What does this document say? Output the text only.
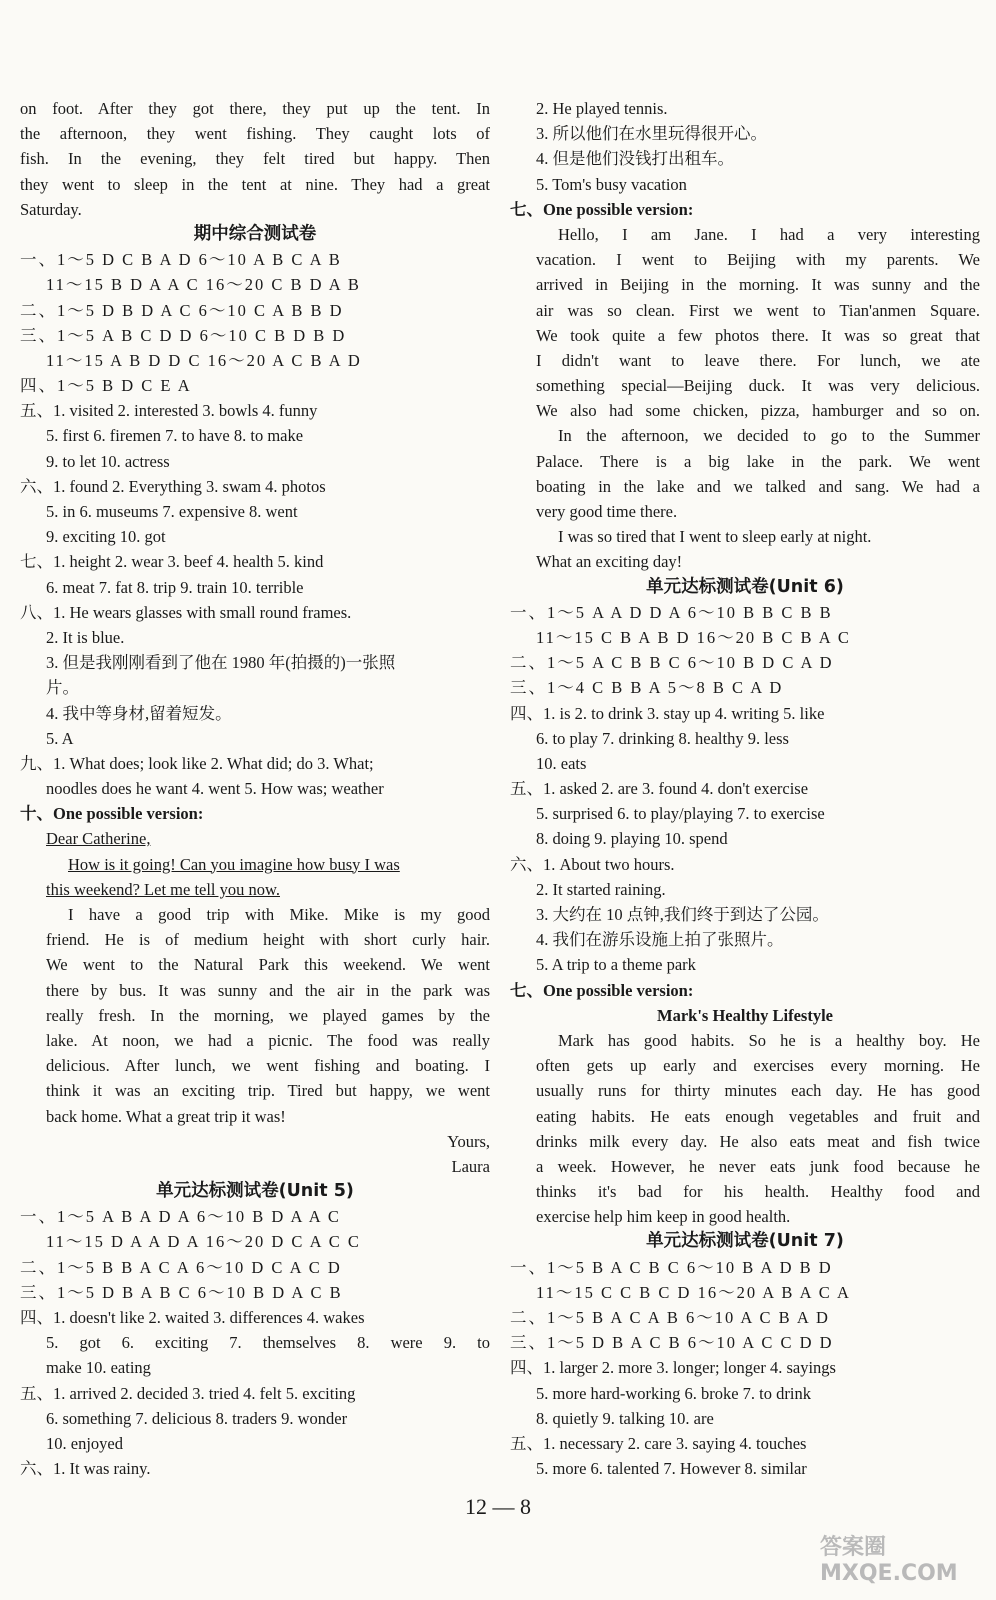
on foot. After they got there, they put up the tent. In
the afternoon, they went fishing. They caught lots of
fish. In the evening, they felt tired but happy. Then
they went to sleep in the tent at nine. They had a great
Saturday.
期中综合测试卷
一、1～5 D C B A D 6～10 A B C A B
11～15 B D A A C 16～20 C B D A B
二、1～5 D B D A C 6～10 C A B B D
三、1～5 A B C D D 6～10 C B D B D
11～15 A B D D C 16～20 A C B A D
四、1～5 B D C E A
五、1. visited 2. interested 3. bowls 4. funny
5. first 6. firemen 7. to have 8. to make
9. to let 10. actress
六、1. found 2. Everything 3. swam 4. photos
5. in 6. museums 7. expensive 8. went
9. exciting 10. got
七、1. height 2. wear 3. beef 4. health 5. kind
6. meat 7. fat 8. trip 9. train 10. terrible
八、1. He wears glasses with small round frames.
2. It is blue.
3. 但是我刚刚看到了他在 1980 年(拍摄的)一张照
片。
4. 我中等身材,留着短发。
5. A
九、1. What does; look like 2. What did; do 3. What;
noodles does he want 4. went 5. How was; weather
十、One possible version:
Dear Catherine,
How is it going! Can you imagine how busy I was
this weekend? Let me tell you now.
I have a good trip with Mike. Mike is my good
friend. He is of medium height with short curly hair.
We went to the Natural Park this weekend. We went
there by bus. It was sunny and the air in the park was
really fresh. In the morning, we played games by the
lake. At noon, we had a picnic. The food was really
delicious. After lunch, we went fishing and boating. I
think it was an exciting trip. Tired but happy, we went
back home. What a great trip it was!
Yours,
Laura
单元达标测试卷(Unit 5)
一、1～5 A B A D A 6～10 B D A A C
11～15 D A A D A 16～20 D C A C C
二、1～5 B B A C A 6～10 D C A C D
三、1～5 D B A B C 6～10 B D A C B
四、1. doesn't like 2. waited 3. differences 4. wakes
5. got 6. exciting 7. themselves 8. were 9. to
make 10. eating
五、1. arrived 2. decided 3. tried 4. felt 5. exciting
6. something 7. delicious 8. traders 9. wonder
10. enjoyed
六、1. It was rainy.
2. He played tennis.
3. 所以他们在水里玩得很开心。
4. 但是他们没钱打出租车。
5. Tom's busy vacation
七、One possible version:
Hello, I am Jane. I had a very interesting
vacation. I went to Beijing with my parents. We
arrived in Beijing in the morning. It was sunny and the
air was so clean. First we went to Tian'anmen Square.
We took quite a few photos there. It was so great that
I didn't want to leave there. For lunch, we ate
something special—Beijing duck. It was very delicious.
We also had some chicken, pizza, hamburger and so on.
In the afternoon, we decided to go to the Summer
Palace. There is a big lake in the park. We went
boating in the lake and we talked and sang. We had a
very good time there.
I was so tired that I went to sleep early at night.
What an exciting day!
单元达标测试卷(Unit 6)
一、1～5 A A D D A 6～10 B B C B B
11～15 C B A B D 16～20 B C B A C
二、1～5 A C B B C 6～10 B D C A D
三、1～4 C B B A 5～8 B C A D
四、1. is 2. to drink 3. stay up 4. writing 5. like
6. to play 7. drinking 8. healthy 9. less
10. eats
五、1. asked 2. are 3. found 4. don't exercise
5. surprised 6. to play/playing 7. to exercise
8. doing 9. playing 10. spend
六、1. About two hours.
2. It started raining.
3. 大约在 10 点钟,我们终于到达了公园。
4. 我们在游乐设施上拍了张照片。
5. A trip to a theme park
七、One possible version:
Mark's Healthy Lifestyle
Mark has good habits. So he is a healthy boy. He
often gets up early and exercises every morning. He
usually runs for thirty minutes each day. He has good
eating habits. He eats enough vegetables and fruit and
drinks milk every day. He also eats meat and fish twice
a week. However, he never eats junk food because he
thinks it's bad for his health. Healthy food and
exercise help him keep in good health.
单元达标测试卷(Unit 7)
一、1～5 B A C B C 6～10 B A D B D
11～15 C C B C D 16～20 A B A C A
二、1～5 B A C A B 6～10 A C B A D
三、1～5 D B A C B 6～10 A C C D D
四、1. larger 2. more 3. longer; longer 4. sayings
5. more hard-working 6. broke 7. to drink
8. quietly 9. talking 10. are
五、1. necessary 2. care 3. saying 4. touches
5. more 6. talented 7. However 8. similar
12 — 8
答案圈 MXQE.COM
